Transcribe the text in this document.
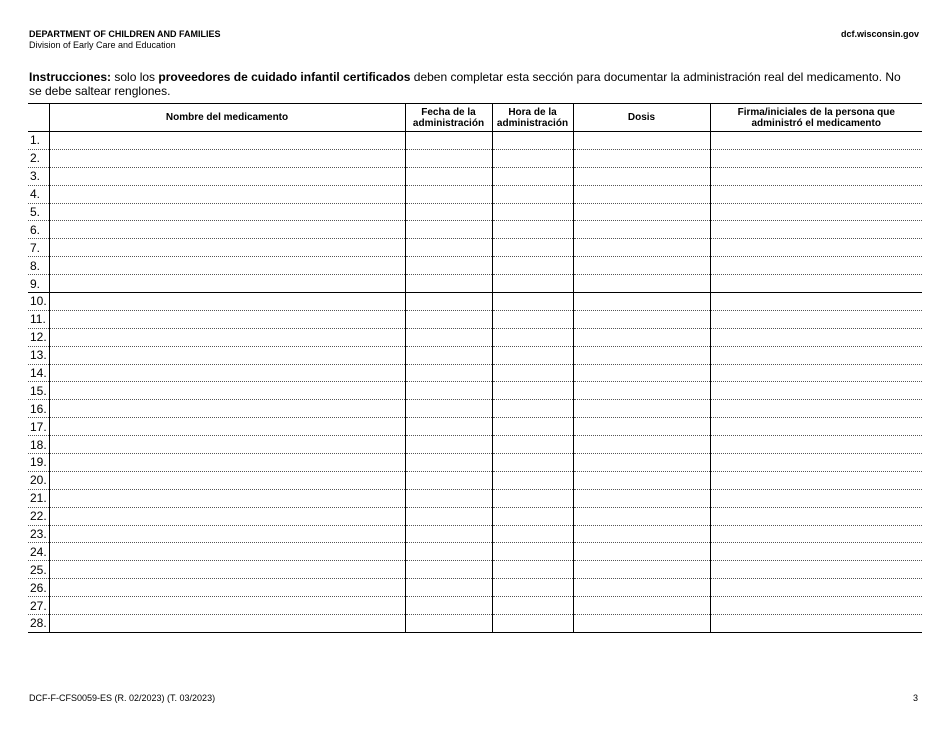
DEPARTMENT OF CHILDREN AND FAMILIES
Division of Early Care and Education
dcf.wisconsin.gov
Instrucciones: solo los proveedores de cuidado infantil certificados deben completar esta sección para documentar la administración real del medicamento. No se debe saltear renglones.
	Nombre del medicamento	Fecha de la administración	Hora de la administración	Dosis	Firma/iniciales de la persona que administró el medicamento
1.					
2.					
3.					
4.					
5.					
6.					
7.					
8.					
9.					
10.					
11.					
12.					
13.					
14.					
15.					
16.					
17.					
18.					
19.					
20.					
21.					
22.					
23.					
24.					
25.					
26.					
27.					
28.					
DCF-F-CFS0059-ES (R. 02/2023) (T. 03/2023)	3
